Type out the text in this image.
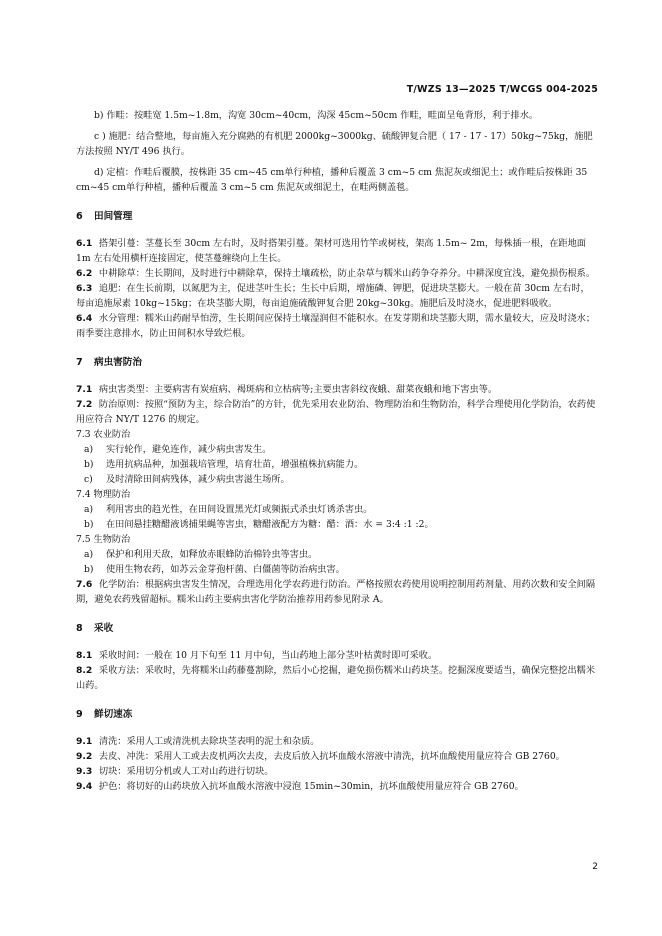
T/WZS 13—2025 T/WCGS 004-2025

b) 作畦：按畦宽 1.5m~1.8m，沟宽 30cm~40cm，沟深 45cm~50cm 作畦，畦面呈龟背形，利于排水。

c ) 施肥：结合整地，每亩施入充分腐熟的有机肥 2000kg~3000kg、硫酸钾复合肥（ 17 - 17 - 17）50kg~75kg，施肥方法按照 NY/T 496 执行。

d) 定植：作畦后覆膜，按株距 35 cm~45 cm单行种植，播种后覆盖 3 cm~5 cm 焦泥灰或细泥土；或作畦后按株距 35 cm~45 cm单行种植，播种后覆盖 3 cm~5 cm 焦泥灰或细泥土，在畦两侧盖毯。

6 田间管理

6.1 搭架引蔓：茎蔓长至 30cm 左右时，及时搭架引蔓。架材可选用竹竿或树枝，架高 1.5m~ 2m，每株插一根，在距地面 1m 左右处用横杆连接固定，使茎蔓缠绕向上生长。

6.2 中耕除草：生长期间，及时进行中耕除草，保持土壤疏松，防止杂草与糯米山药争夺养分。中耕深度宜浅，避免损伤根系。

6.3 追肥：在生长前期，以氮肥为主，促进茎叶生长；生长中后期，增施磷、钾肥，促进块茎膨大。一般在苗 30cm 左右时，每亩追施尿素 10kg~15kg；在块茎膨大期，每亩追施硫酸钾复合肥 20kg~30kg。施肥后及时浇水，促进肥料吸收。

6.4 水分管理：糯米山药耐旱怕涝，生长期间应保持土壤湿润但不能积水。在发芽期和块茎膨大期，需水量较大，应及时浇水；雨季要注意排水，防止田间积水导致烂根。

7 病虫害防治

7.1 病虫害类型：主要病害有炭疽病、褐斑病和立枯病等;主要虫害斜纹夜蛾、甜菜夜蛾和地下害虫等。

7.2 防治原则：按照“预防为主，综合防治”的方针，优先采用农业防治、物理防治和生物防治，科学合理使用化学防治，农药使用应符合 NY/T 1276 的规定。

7.3 农业防治

a) 实行轮作，避免连作，减少病虫害发生。

b) 选用抗病品种，加强栽培管理，培育壮苗，增强植株抗病能力。

c) 及时清除田间病残体，减少病虫害滋生场所。

7.4 物理防治

a) 利用害虫的趋光性，在田间设置黑光灯或频振式杀虫灯诱杀害虫。

b) 在田间悬挂糖醋液诱捕果蝇等害虫，糖醋液配方为糖：醋：酒：水 = 3:4 :1 :2。

7.5 生物防治

a) 保护和利用天敌，如释放赤眼蜂防治棉铃虫等害虫。

b) 使用生物农药，如苏云金芽孢杆菌、白僵菌等防治病虫害。

7.6 化学防治：根据病虫害发生情况，合理选用化学农药进行防治。严格按照农药使用说明控制用药剂量、用药次数和安全间隔期，避免农药残留超标。糯米山药主要病虫害化学防治推荐用药参见附录 A。

8 采收

8.1 采收时间：一般在 10 月下旬至 11 月中旬，当山药地上部分茎叶枯黄时即可采收。

8.2 采收方法：采收时，先将糯米山药藤蔓割除，然后小心挖掘，避免损伤糯米山药块茎。挖掘深度要适当，确保完整挖出糯米山药。

9 鲜切速冻

9.1 清洗：采用人工或清洗机去除块茎表明的泥土和杂质。

9.2 去皮、冲洗：采用人工或去皮机两次去皮，去皮后放入抗坏血酸水溶液中清洗，抗坏血酸使用量应符合 GB 2760。

9.3 切块：采用切分机或人工对山药进行切块。

9.4 护色：将切好的山药块放入抗坏血酸水溶液中浸泡 15min~30min，抗坏血酸使用量应符合 GB 2760。

2
